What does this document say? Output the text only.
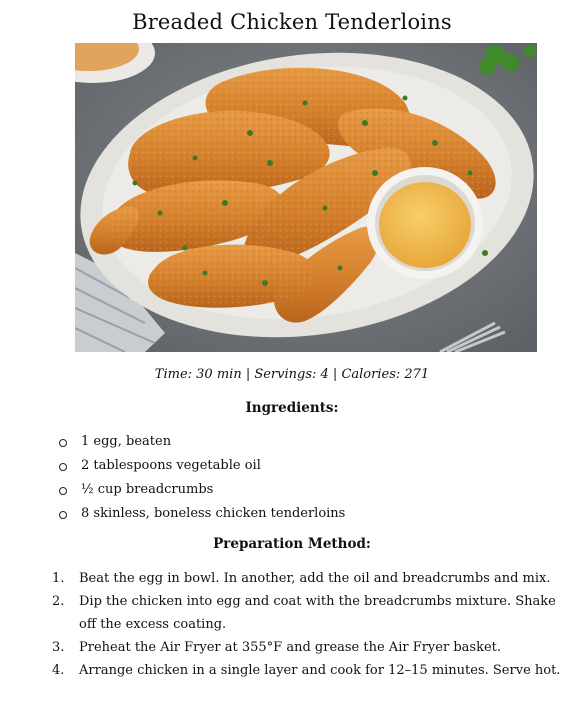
Breaded Chicken Tenderloins
Time: 30 min | Servings: 4 | Calories: 271
Ingredients:
1 egg, beaten
2 tablespoons vegetable oil
½ cup breadcrumbs
8 skinless, boneless chicken tenderloins
Preparation Method:
1.	Beat the egg in bowl. In another, add the oil and breadcrumbs and mix.
2.	Dip the chicken into egg and coat with the breadcrumbs mixture. Shake off the excess coating.
3.	Preheat the Air Fryer at 355°F and grease the Air Fryer basket.
4.	Arrange chicken in a single layer and cook for 12–15 minutes. Serve hot.
